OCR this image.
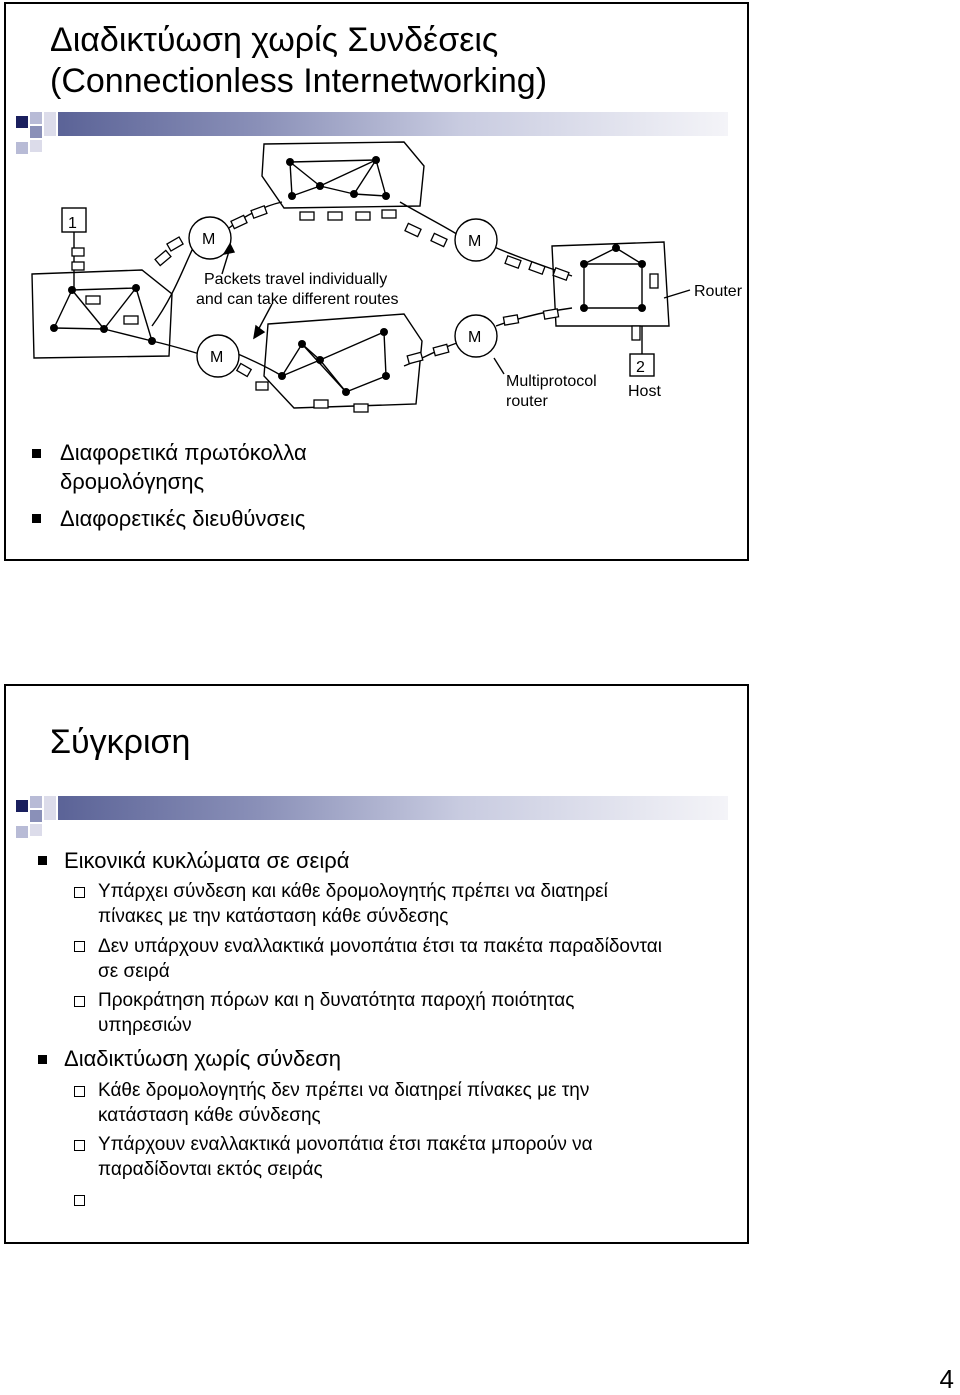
Διαδικτύωση χωρίς Συνδέσεις
(Connectionless Internetworking)
1
2
M	M
M
M
Packets travel individually
and can take different routes	Router
Multiprotocol
router
Host
Διαφορετικά πρωτόκολλα
δρομολόγησης
Διαφορετικές διευθύνσεις
Σύγκριση
Εικονικά κυκλώματα σε σειρά
Υπάρχει σύνδεση και κάθε δρομολογητής πρέπει να διατηρεί
πίνακες με την κατάσταση κάθε σύνδεσης
Δεν υπάρχουν εναλλακτικά μονοπάτια έτσι τα πακέτα παραδίδονται
σε σειρά
Προκράτηση πόρων και η δυνατότητα παροχή ποιότητας
υπηρεσιών
Διαδικτύωση χωρίς σύνδεση
Κάθε δρομολογητής δεν πρέπει να διατηρεί πίνακες με την
κατάσταση κάθε σύνδεσης
Υπάρχουν εναλλακτικά μονοπάτια έτσι πακέτα μπορούν να
παραδίδονται εκτός σειράς
4
